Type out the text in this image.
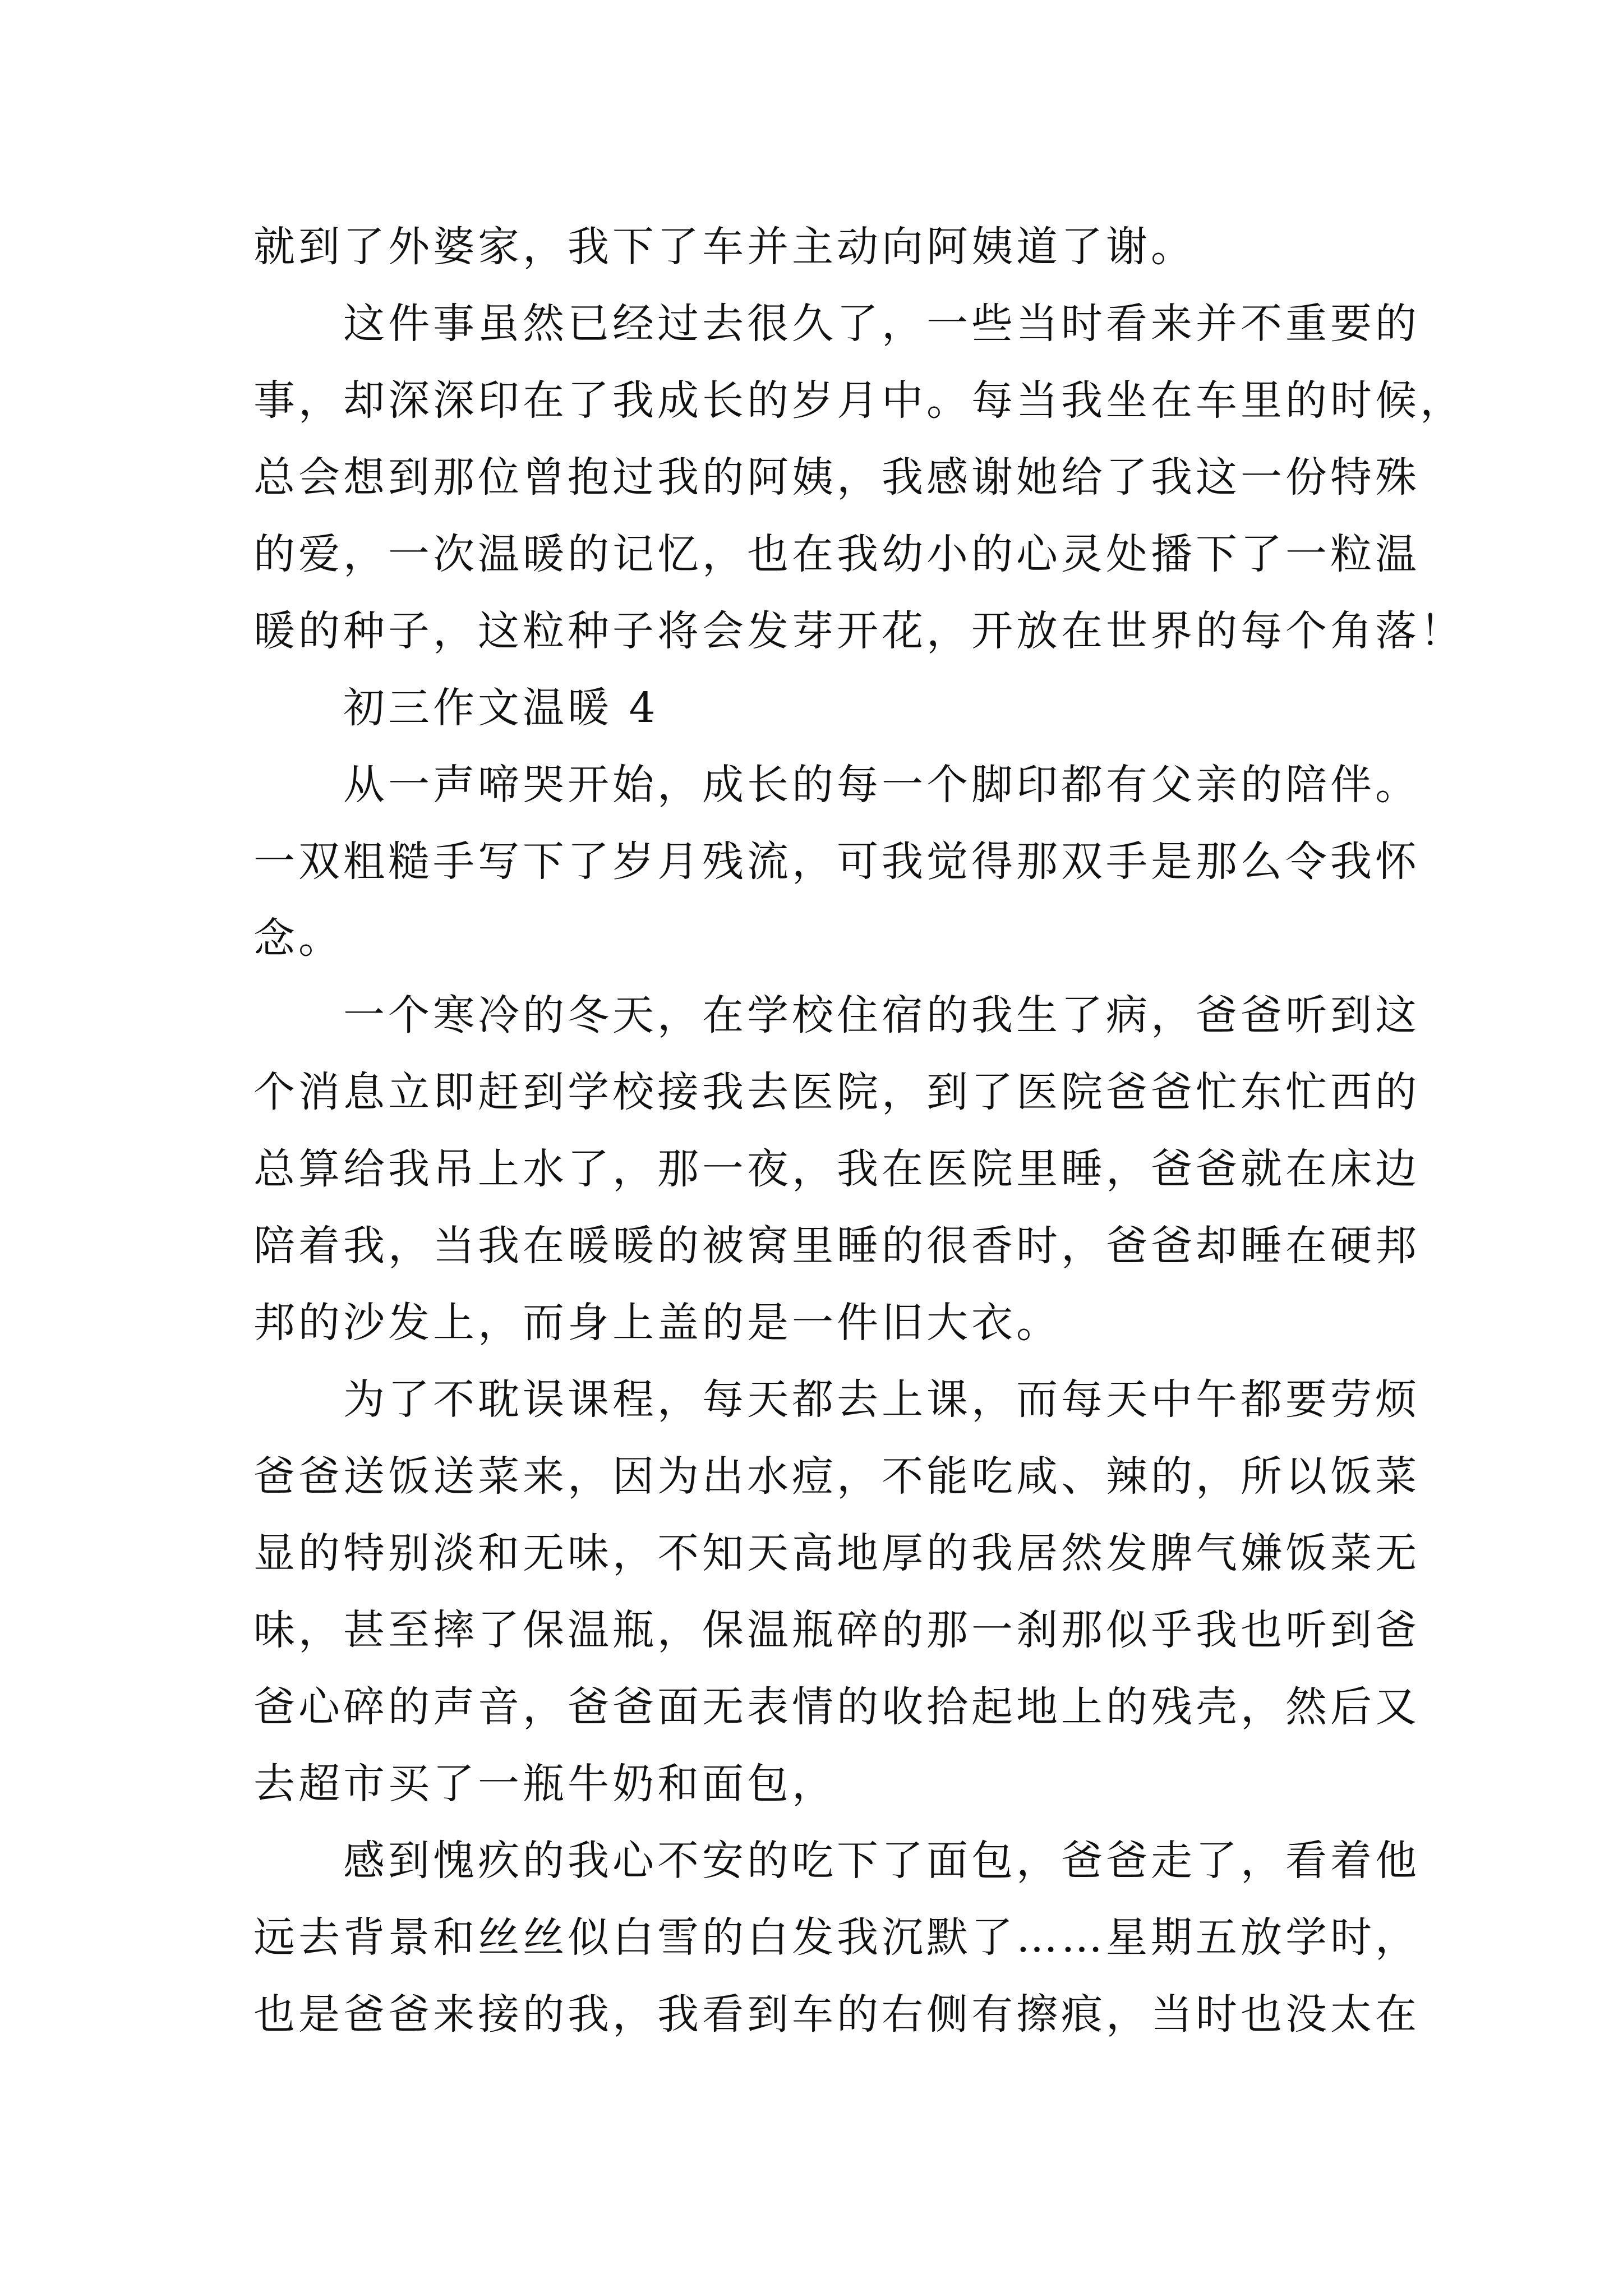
就到了外婆家，我下了车并主动向阿姨道了谢。
这件事虽然已经过去很久了，一些当时看来并不重要的
事，却深深印在了我成长的岁月中。每当我坐在车里的时候，
总会想到那位曾抱过我的阿姨，我感谢她给了我这一份特殊
的爱，一次温暖的记忆，也在我幼小的心灵处播下了一粒温
暖的种子，这粒种子将会发芽开花，开放在世界的每个角落！
初三作文温暖 4
从一声啼哭开始，成长的每一个脚印都有父亲的陪伴。
一双粗糙手写下了岁月残流，可我觉得那双手是那么令我怀
念。
一个寒冷的冬天，在学校住宿的我生了病，爸爸听到这
个消息立即赶到学校接我去医院，到了医院爸爸忙东忙西的
总算给我吊上水了，那一夜，我在医院里睡，爸爸就在床边
陪着我，当我在暖暖的被窝里睡的很香时，爸爸却睡在硬邦
邦的沙发上，而身上盖的是一件旧大衣。
为了不耽误课程，每天都去上课，而每天中午都要劳烦
爸爸送饭送菜来，因为出水痘，不能吃咸、辣的，所以饭菜
显的特别淡和无味，不知天高地厚的我居然发脾气嫌饭菜无
味，甚至摔了保温瓶，保温瓶碎的那一刹那似乎我也听到爸
爸心碎的声音，爸爸面无表情的收拾起地上的残壳，然后又
去超市买了一瓶牛奶和面包，
感到愧疚的我心不安的吃下了面包，爸爸走了，看着他
远去背景和丝丝似白雪的白发我沉默了……星期五放学时，
也是爸爸来接的我，我看到车的右侧有擦痕，当时也没太在
